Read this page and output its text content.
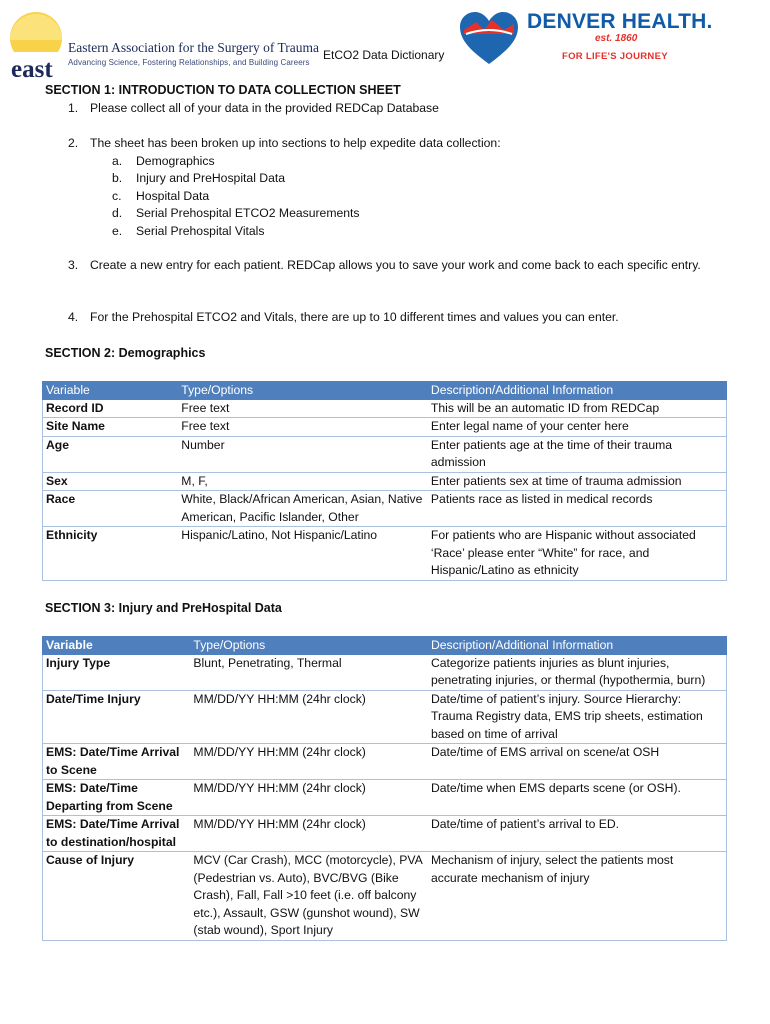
east
Eastern Association for the Surgery of Trauma
Advancing Science, Fostering Relationships, and Building Careers
EtCO2 Data Dictionary
DENVER HEALTH.
est. 1860
FOR LIFE'S JOURNEY
SECTION 1: INTRODUCTION TO DATA COLLECTION SHEET
1. Please collect all of your data in the provided REDCap Database
2. The sheet has been broken up into sections to help expedite data collection:
a. Demographics
b. Injury and PreHospital Data
c. Hospital Data
d. Serial Prehospital ETCO2 Measurements
e. Serial Prehospital Vitals
3. Create a new entry for each patient. REDCap allows you to save your work and come back to each specific entry.
4. For the Prehospital ETCO2 and Vitals, there are up to 10 different times and values you can enter.
SECTION 2: Demographics
Variable	Type/Options	Description/Additional Information
Record ID	Free text	This will be an automatic ID from REDCap
Site Name	Free text	Enter legal name of your center here
Age	Number	Enter patients age at the time of their trauma admission
Sex	M, F,	Enter patients sex at time of trauma admission
Race	White, Black/African American, Asian, Native American, Pacific Islander, Other	Patients race as listed in medical records
Ethnicity	Hispanic/Latino, Not Hispanic/Latino	For patients who are Hispanic without associated ‘Race’ please enter “White” for race, and Hispanic/Latino as ethnicity
SECTION 3: Injury and PreHospital Data
Variable	Type/Options	Description/Additional Information
Injury Type	Blunt, Penetrating, Thermal	Categorize patients injuries as blunt injuries, penetrating injuries, or thermal (hypothermia, burn)
Date/Time Injury	MM/DD/YY HH:MM (24hr clock)	Date/time of patient’s injury. Source Hierarchy: Trauma Registry data, EMS trip sheets, estimation based on time of arrival
EMS: Date/Time Arrival to Scene	MM/DD/YY HH:MM (24hr clock)	Date/time of EMS arrival on scene/at OSH
EMS: Date/Time Departing from Scene	MM/DD/YY HH:MM (24hr clock)	Date/time when EMS departs scene (or OSH).
EMS: Date/Time Arrival to destination/hospital	MM/DD/YY HH:MM (24hr clock)	Date/time of patient’s arrival to ED.
Cause of Injury	MCV (Car Crash), MCC (motorcycle), PVA (Pedestrian vs. Auto), BVC/BVG (Bike Crash), Fall, Fall >10 feet (i.e. off balcony etc.), Assault, GSW (gunshot wound), SW (stab wound), Sport Injury	Mechanism of injury, select the patients most accurate mechanism of injury
